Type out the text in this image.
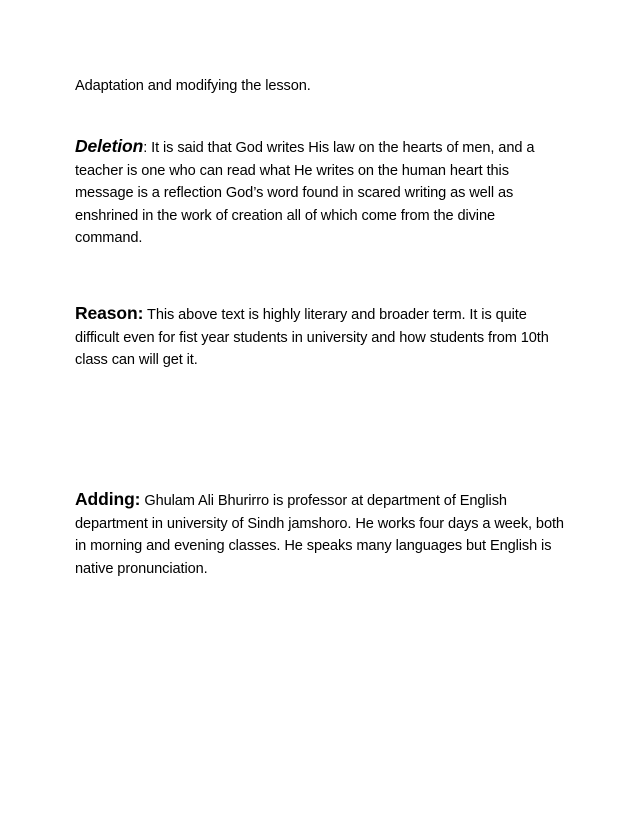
Adaptation and modifying the lesson.

Deletion: It is said that God writes His law on the hearts of men, and a teacher is one who can read what He writes on the human heart this message is a reflection God’s word found in scared writing as well as enshrined in the work of creation all of which come from the divine command.

Reason: This above text is highly literary and broader term. It is quite difficult even for fist year students in university and how students from 10th class can will get it.

Adding: Ghulam Ali Bhurirro is professor at department of English department in university of Sindh jamshoro. He works four days a week, both in morning and evening classes. He speaks many languages but English is native pronunciation.
